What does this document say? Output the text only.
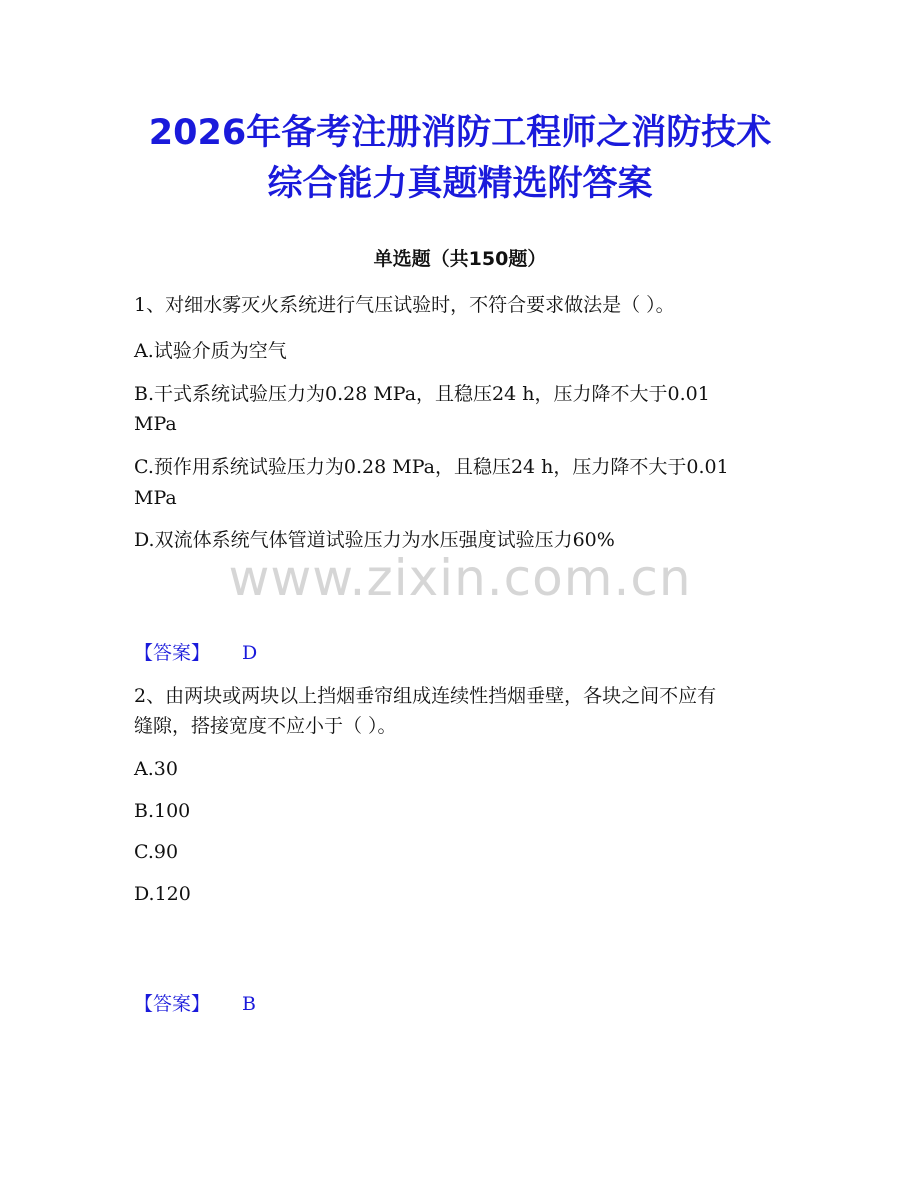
2026年备考注册消防工程师之消防技术
综合能力真题精选附答案
单选题（共150题）
1、对细水雾灭火系统进行气压试验时，不符合要求做法是（ ）。
A.试验介质为空气
B.干式系统试验压力为0.28 MPa，且稳压24 h，压力降不大于0.01
MPa
C.预作用系统试验压力为0.28 MPa，且稳压24 h，压力降不大于0.01
MPa
D.双流体系统气体管道试验压力为水压强度试验压力60%
【答案】 D
www.zixin.com.cn
2、由两块或两块以上挡烟垂帘组成连续性挡烟垂壁，各块之间不应有
缝隙，搭接宽度不应小于（ ）。
A.30
B.100
C.90
D.120
【答案】 B
